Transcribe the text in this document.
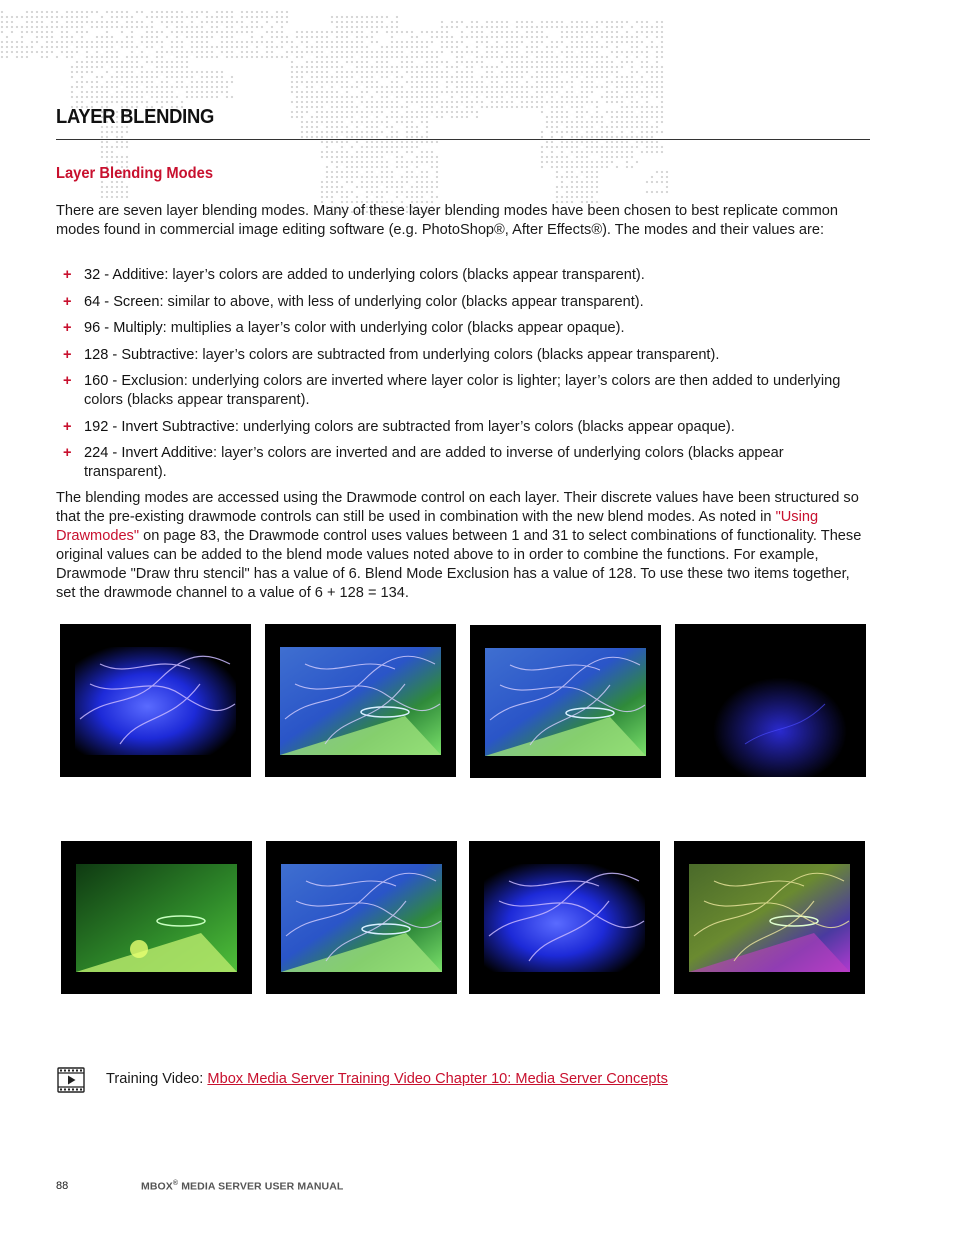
LAYER BLENDING
Layer Blending Modes

There are seven layer blending modes. Many of these layer blending modes have been chosen to best replicate common modes found in commercial image editing software (e.g. PhotoShop®, After Effects®). The modes and their values are:

+ 32 - Additive: layer’s colors are added to underlying colors (blacks appear transparent).
+ 64 - Screen: similar to above, with less of underlying color (blacks appear transparent).
+ 96 - Multiply: multiplies a layer’s color with underlying color (blacks appear opaque).
+ 128 - Subtractive: layer’s colors are subtracted from underlying colors (blacks appear transparent).
+ 160 - Exclusion: underlying colors are inverted where layer color is lighter; layer’s colors are then added to underlying colors (blacks appear transparent).
+ 192 - Invert Subtractive: underlying colors are subtracted from layer’s colors (blacks appear opaque).
+ 224 - Invert Additive: layer’s colors are inverted and are added to inverse of underlying colors (blacks appear transparent).

The blending modes are accessed using the Drawmode control on each layer. Their discrete values have been structured so that the pre-existing drawmode controls can still be used in combination with the new blend modes. As noted in "Using Drawmodes" on page 83, the Drawmode control uses values between 1 and 31 to select combinations of functionality. These original values can be added to the blend mode values noted above to in order to combine the functions. For example, Drawmode "Draw thru stencil" has a value of 6. Blend Mode Exclusion has a value of 128. To use these two items together, set the drawmode channel to a value of 6 + 128 = 134.

Training Video: Mbox Media Server Training Video Chapter 10: Media Server Concepts
88	MBOX® MEDIA SERVER USER MANUAL
